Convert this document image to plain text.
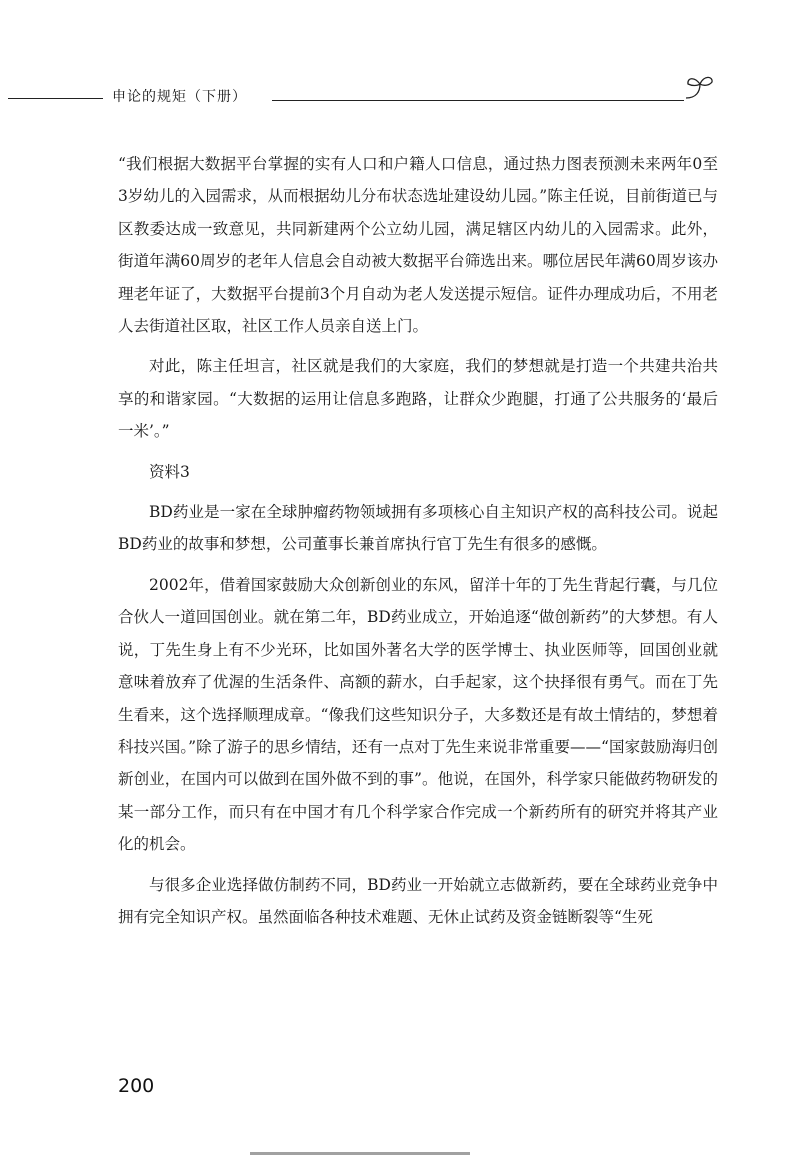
申论的规矩（下册）

“我们根据大数据平台掌握的实有人口和户籍人口信息，通过热力图表预测未来两年0至3岁幼儿的入园需求，从而根据幼儿分布状态选址建设幼儿园。”陈主任说，目前街道已与区教委达成一致意见，共同新建两个公立幼儿园，满足辖区内幼儿的入园需求。此外，街道年满60周岁的老年人信息会自动被大数据平台筛选出来。哪位居民年满60周岁该办理老年证了，大数据平台提前3个月自动为老人发送提示短信。证件办理成功后，不用老人去街道社区取，社区工作人员亲自送上门。

对此，陈主任坦言，社区就是我们的大家庭，我们的梦想就是打造一个共建共治共享的和谐家园。“大数据的运用让信息多跑路，让群众少跑腿，打通了公共服务的‘最后一米’。”

资料3

BD药业是一家在全球肿瘤药物领域拥有多项核心自主知识产权的高科技公司。说起BD药业的故事和梦想，公司董事长兼首席执行官丁先生有很多的感慨。

2002年，借着国家鼓励大众创新创业的东风，留洋十年的丁先生背起行囊，与几位合伙人一道回国创业。就在第二年，BD药业成立，开始追逐“做创新药”的大梦想。有人说，丁先生身上有不少光环，比如国外著名大学的医学博士、执业医师等，回国创业就意味着放弃了优渥的生活条件、高额的薪水，白手起家，这个抉择很有勇气。而在丁先生看来，这个选择顺理成章。“像我们这些知识分子，大多数还是有故土情结的，梦想着科技兴国。”除了游子的思乡情结，还有一点对丁先生来说非常重要——“国家鼓励海归创新创业，在国内可以做到在国外做不到的事”。他说，在国外，科学家只能做药物研发的某一部分工作，而只有在中国才有几个科学家合作完成一个新药所有的研究并将其产业化的机会。

与很多企业选择做仿制药不同，BD药业一开始就立志做新药，要在全球药业竞争中拥有完全知识产权。虽然面临各种技术难题、无休止试药及资金链断裂等“生死

200
